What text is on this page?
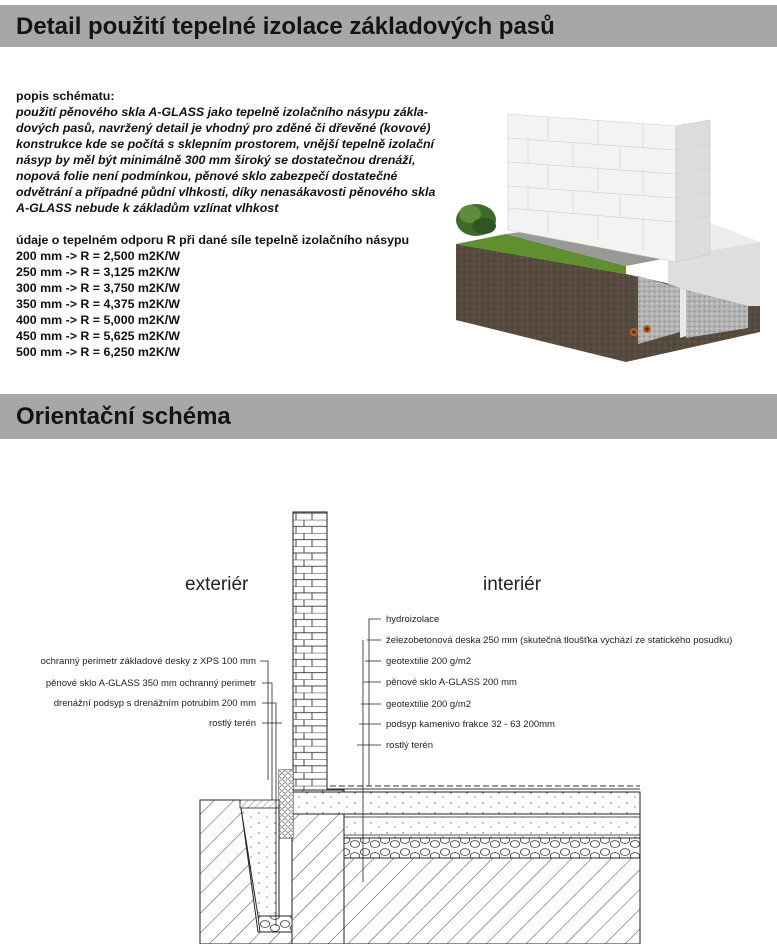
Detail použití tepelné izolace základových pasů

popis schématu:

použití pěnového skla A-GLASS jako tepelně izolačního násypu zákla-

dových pasů, navržený detail je vhodný pro zděné či dřevěné (kovové)

konstrukce kde se počítá s sklepním prostorem, vnější tepelně izolační

násyp by měl být minimálně 300 mm široký se dostatečnou drenáží,

nopová folie není podmínkou, pěnové sklo zabezpečí dostatečné

odvětrání a případné půdní vlhkosti, díky nenasákavosti pěnového skla

A-GLASS nebude k základům vzlínat vlhkost

údaje o tepelném odporu R při dané síle tepelně izolačního násypu

200 mm -> R = 2,500 m2K/W
250 mm -> R = 3,125 m2K/W
300 mm -> R = 3,750 m2K/W
350 mm -> R = 4,375 m2K/W
400 mm -> R = 5,000 m2K/W
450 mm -> R = 5,625 m2K/W
500 mm -> R = 6,250 m2K/W
Orientační schéma
exteriér	interiér
ochranný perimetr základové desky z XPS 100 mm
pěnové sklo A-GLASS 350 mm ochranný perimetr
drenážní podsyp s drenážním potrubím 200 mm
rostlý terén
hydroizolace
železobetonová deska 250 mm (skutečná tloušťka vychází ze statického posudku)
geotextilie 200 g/m2
pěnové sklo A-GLASS 200 mm
geotextilie 200 g/m2
podsyp kamenivo frakce 32 - 63 200mm
rostlý terén
